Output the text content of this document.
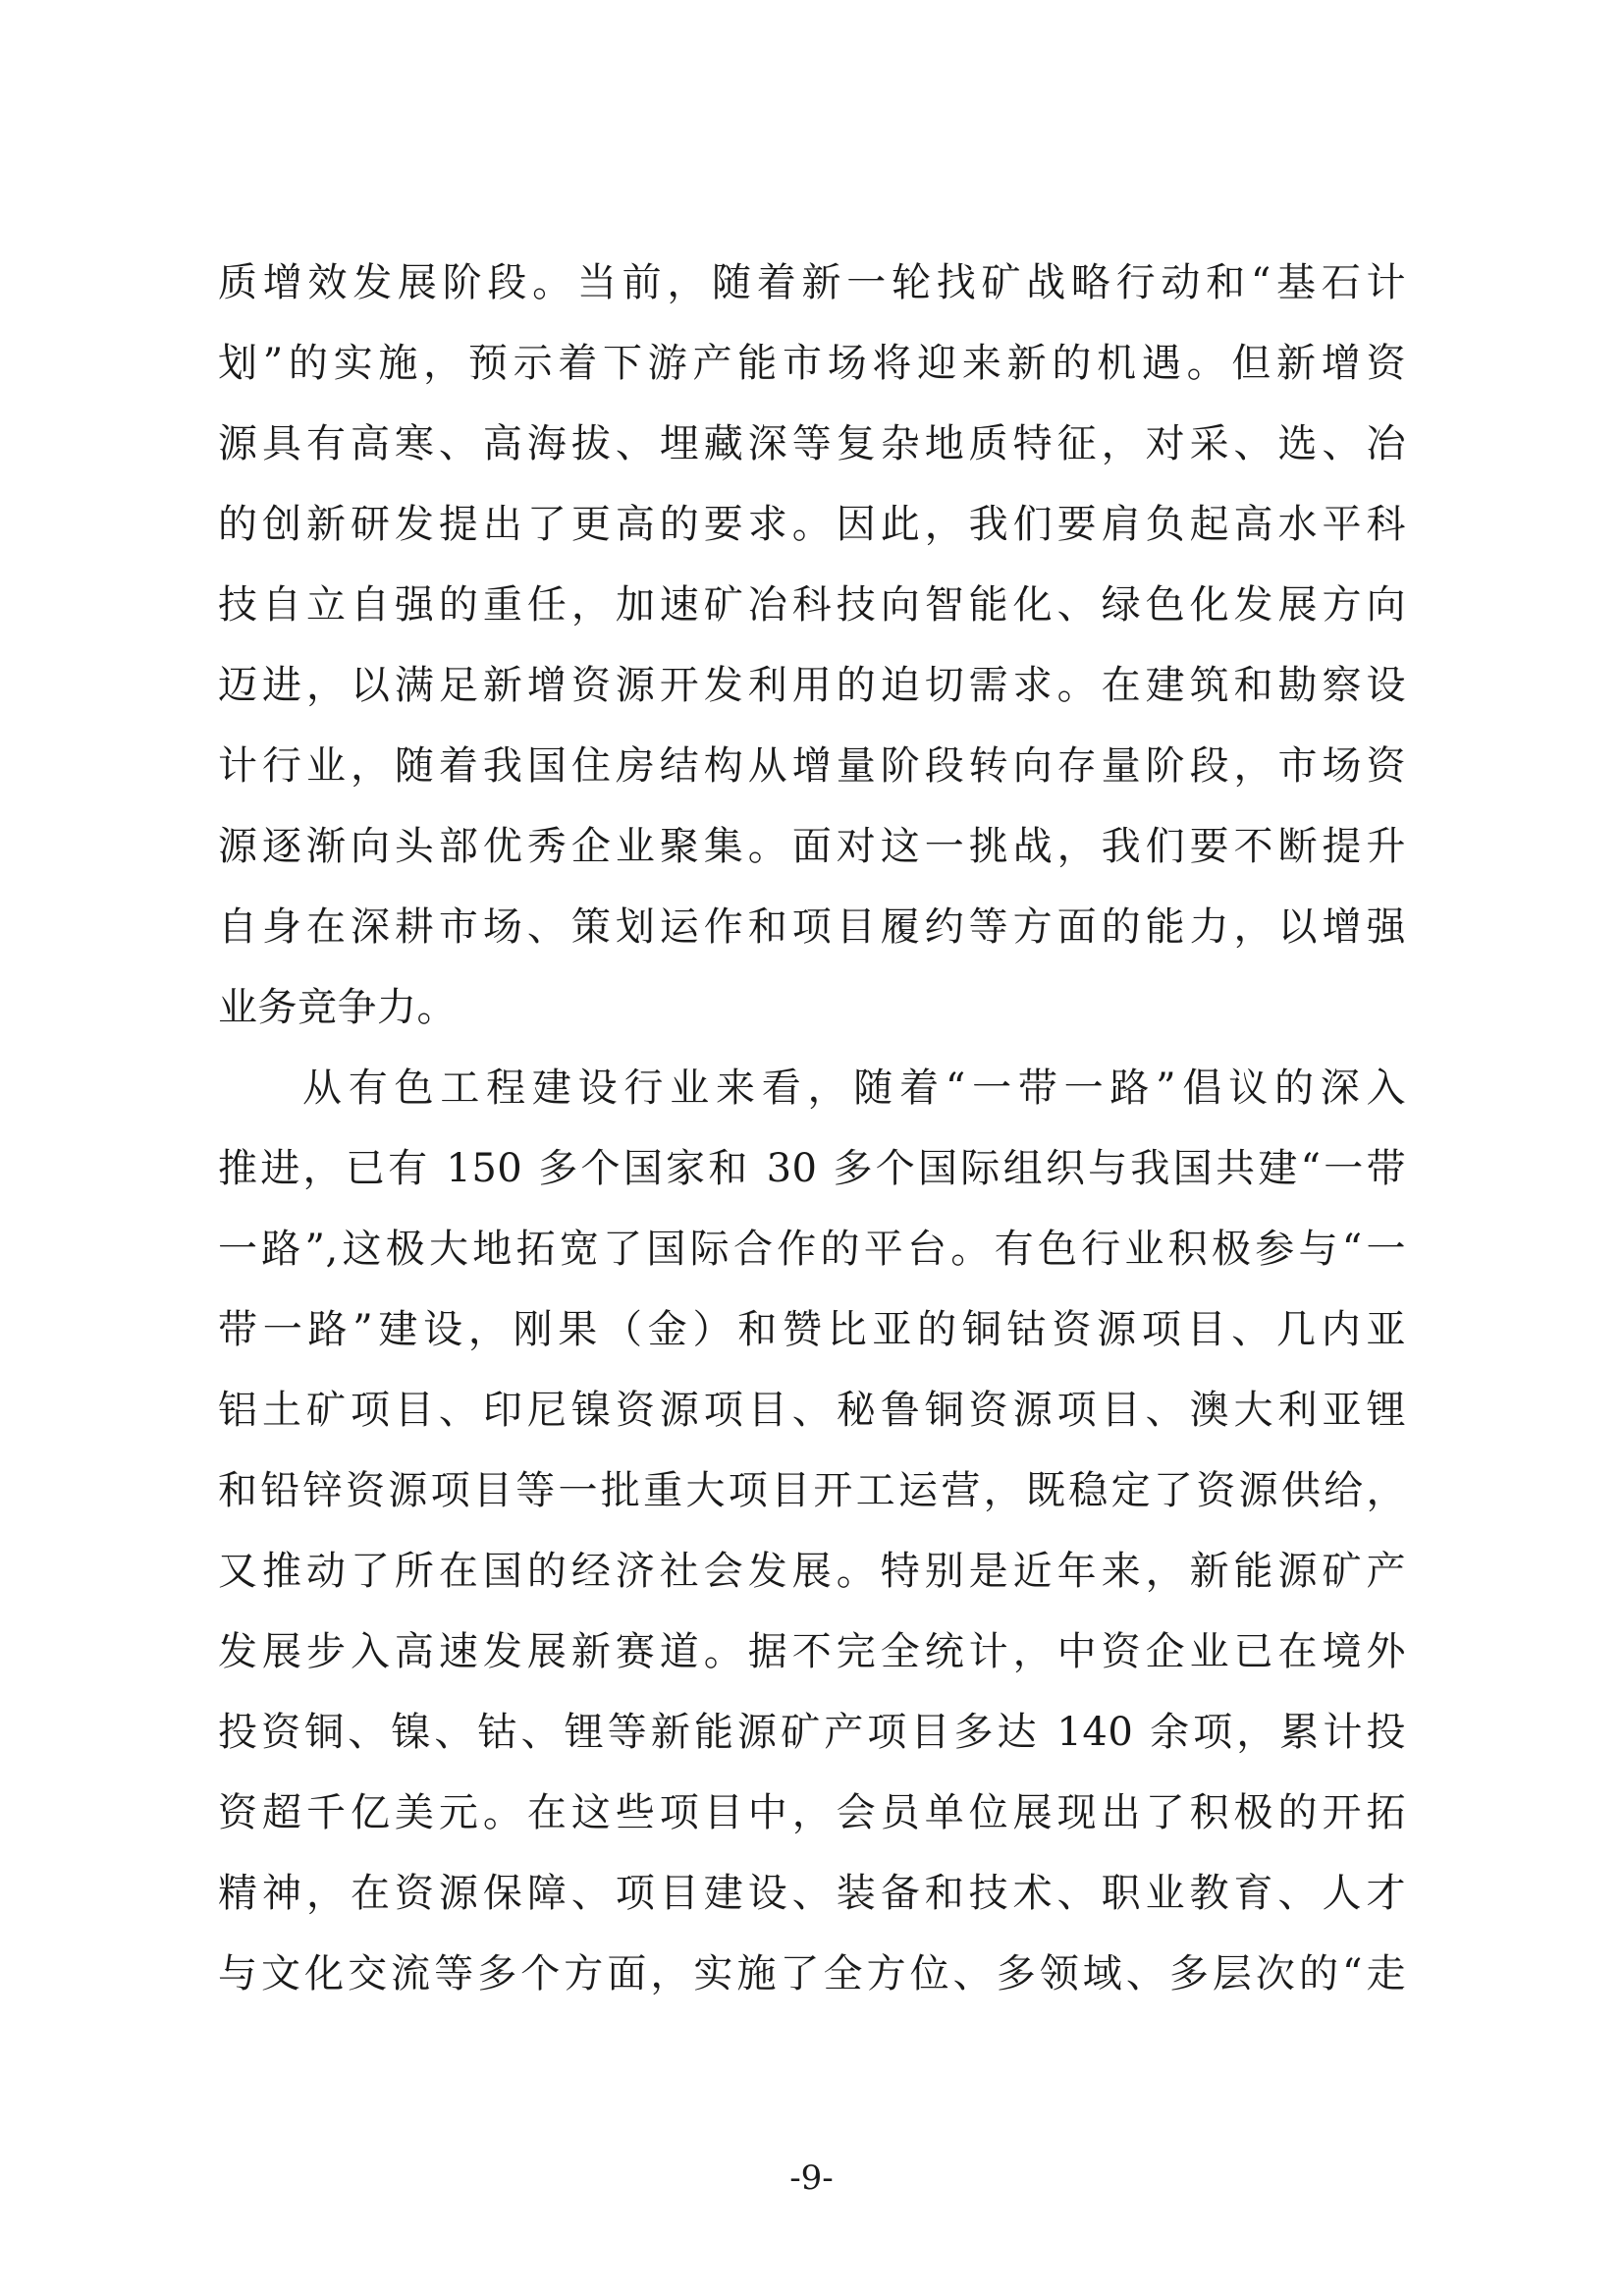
质增效发展阶段。当前，随着新一轮找矿战略行动和“基石计
划”的实施，预示着下游产能市场将迎来新的机遇。但新增资
源具有高寒、高海拔、埋藏深等复杂地质特征，对采、选、冶
的创新研发提出了更高的要求。因此，我们要肩负起高水平科
技自立自强的重任，加速矿冶科技向智能化、绿色化发展方向
迈进，以满足新增资源开发利用的迫切需求。在建筑和勘察设
计行业，随着我国住房结构从增量阶段转向存量阶段，市场资
源逐渐向头部优秀企业聚集。面对这一挑战，我们要不断提升
自身在深耕市场、策划运作和项目履约等方面的能力，以增强
业务竞争力。
从有色工程建设行业来看，随着“一带一路”倡议的深入
推进，已有 150 多个国家和 30 多个国际组织与我国共建“一带
一路”,这极大地拓宽了国际合作的平台。有色行业积极参与“一
带一路”建设，刚果（金）和赞比亚的铜钴资源项目、几内亚
铝土矿项目、印尼镍资源项目、秘鲁铜资源项目、澳大利亚锂
和铅锌资源项目等一批重大项目开工运营，既稳定了资源供给，
又推动了所在国的经济社会发展。特别是近年来，新能源矿产
发展步入高速发展新赛道。据不完全统计，中资企业已在境外
投资铜、镍、钴、锂等新能源矿产项目多达 140 余项，累计投
资超千亿美元。在这些项目中，会员单位展现出了积极的开拓
精神，在资源保障、项目建设、装备和技术、职业教育、人才
与文化交流等多个方面，实施了全方位、多领域、多层次的“走
-9-
